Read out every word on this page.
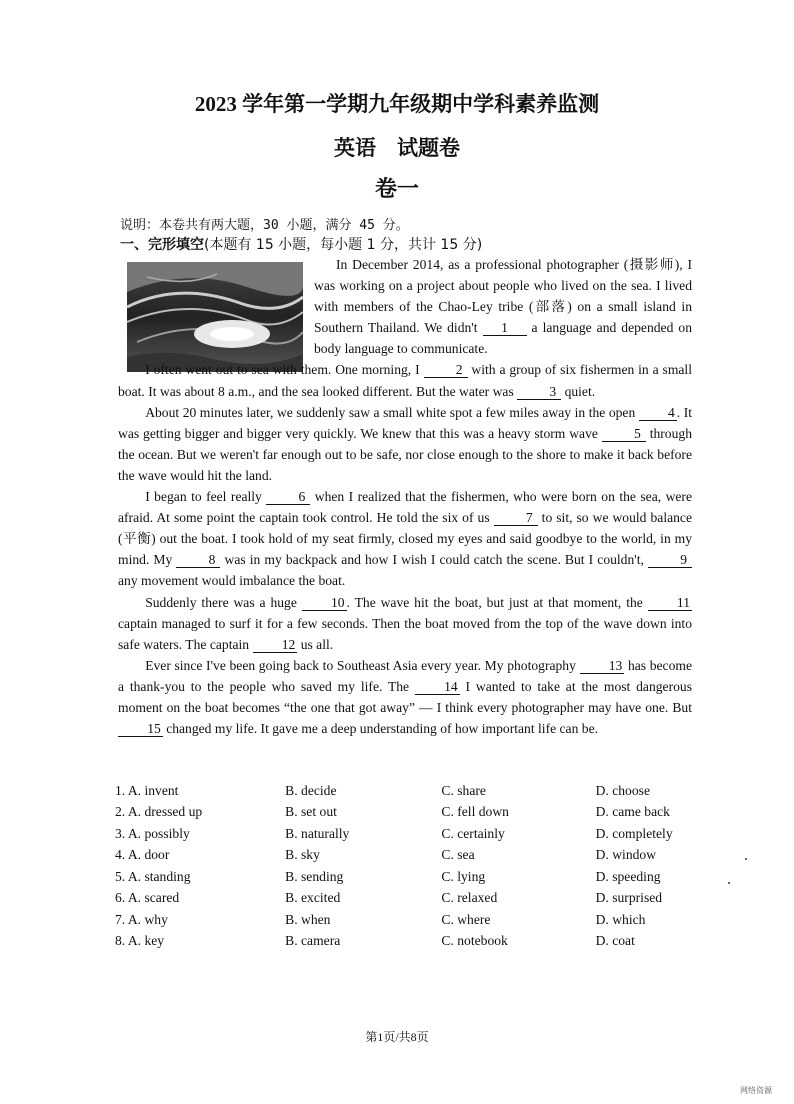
2023 学年第一学期九年级期中学科素养监测
英语　试题卷
卷一
说明：本卷共有两大题，30 小题，满分 45 分。
一、完形填空(本题有 15 小题，每小题 1 分，共计 15 分)

In December 2014, as a professional photographer (摄影师), I was working on a project about people who lived on the sea. I lived with members of the Chao-Ley tribe (部落) on a small island in Southern Thailand. We didn't 1 a language and depended on body language to communicate.

I often went out to sea with them. One morning, I	2 with a group of six fishermen in a small boat. It was about 8 a.m., and the sea looked different. But the water was	3 quiet.

About 20 minutes later, we suddenly saw a small white spot a few miles away in the open 4 . It was getting bigger and bigger very quickly. We knew that this was a heavy storm wave	5 through the ocean. But we weren't far enough out to be safe, nor close enough to the shore to make it back before the wave would hit the land.

I began to feel really	6 when I realized that the fishermen, who were born on the sea, were afraid. At some point the captain took control. He told the six of us	7 to sit, so we would balance (平衡) out the boat. I took hold of my seat firmly, closed my eyes and said goodbye to the world, in my mind. My	8 was in my backpack and how I wish I could catch the scene. But I couldn't,	9 any movement would imbalance the boat.

Suddenly there was a huge	10 . The wave hit the boat, but just at that moment, the	11 captain managed to surf it for a few seconds. Then the boat moved from the top of the wave down into safe waters. The captain 12 us all.

Ever since I've been going back to Southeast Asia every year. My photography 13 has become a thank-you to the people who saved my life. The	14 I wanted to take at the most dangerous moment on the boat becomes “the one that got away” — I think every photographer may have one. But 15 changed my life. It gave me a deep understanding of how important life can be.

1. A. invent	B. decide	C. share	D. choose
2. A. dressed up	B. set out	C. fell down	D. came back
3. A. possibly	B. naturally	C. certainly	D. completely
4. A. door	B. sky	C. sea	D. window
5. A. standing	B. sending	C. lying	D. speeding
6. A. scared	B. excited	C. relaxed	D. surprised
7. A. why	B. when	C. where	D. which
8. A. key	B. camera	C. notebook	D. coat
第1页/共8页
网络资源
